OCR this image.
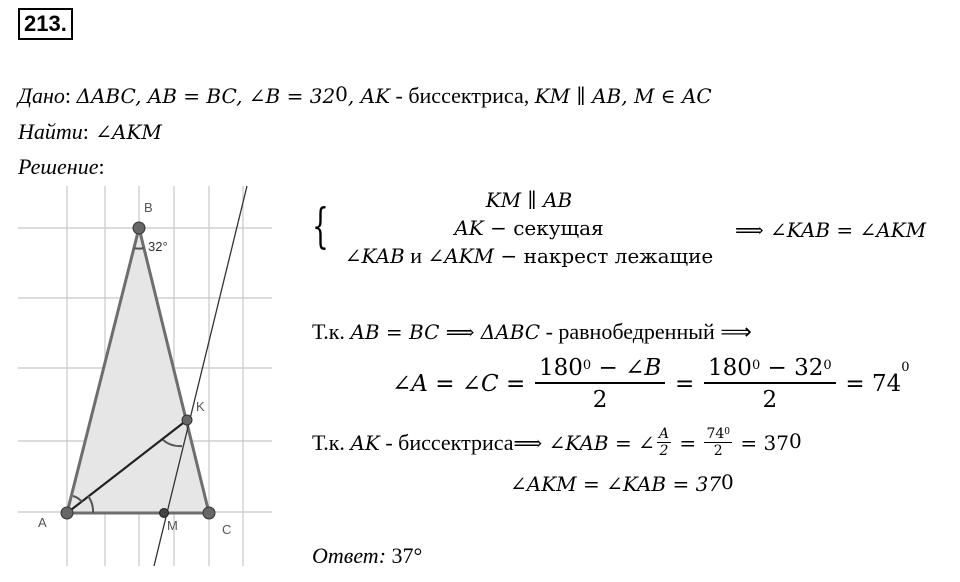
213.
Дано: ΔABC, AB = BC, ∠B = $32^0$, AK - биссектриса, KM ∥ AB, M ∈ AC
Найти: ∠AKM
Решение:
A
B
C
K
M
32°	{	KM ∥ AB
AK − секущая
∠KAB и ∠AKM − накрест лежащие
⟹ ∠KAB = ∠AKM
Т.к. AB = BC ⟹ ΔABC - равнобедренный ⟹
∠A = ∠C = $\frac{180^0 - \angle B}{2} = \frac{180^0 - 32^0}{2} = 74^0$
Т.к. AK - биссектриса⟹ ∠KAB = ∠ $\frac{A}{2} = \frac{74^0}{2} = 37^0$
∠AKM = ∠KAB = $37^0$
Ответ: 37°
